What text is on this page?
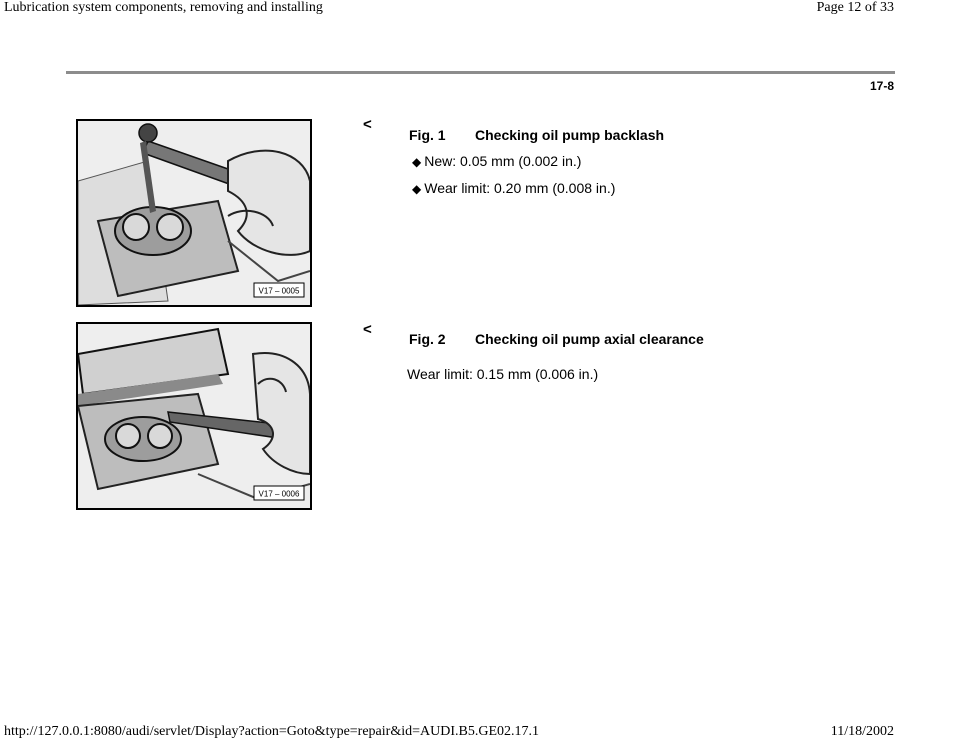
Lubrication system components, removing and installing	Page 12 of 33
17-8
V17 – 0005
<
Fig. 1 Checking oil pump backlash
◆ New: 0.05 mm (0.002 in.)
◆ Wear limit: 0.20 mm (0.008 in.)
V17 – 0006
<
Fig. 2 Checking oil pump axial clearance
Wear limit: 0.15 mm (0.006 in.)
http://127.0.0.1:8080/audi/servlet/Display?action=Goto&type=repair&id=AUDI.B5.GE02.17.1	11/18/2002
